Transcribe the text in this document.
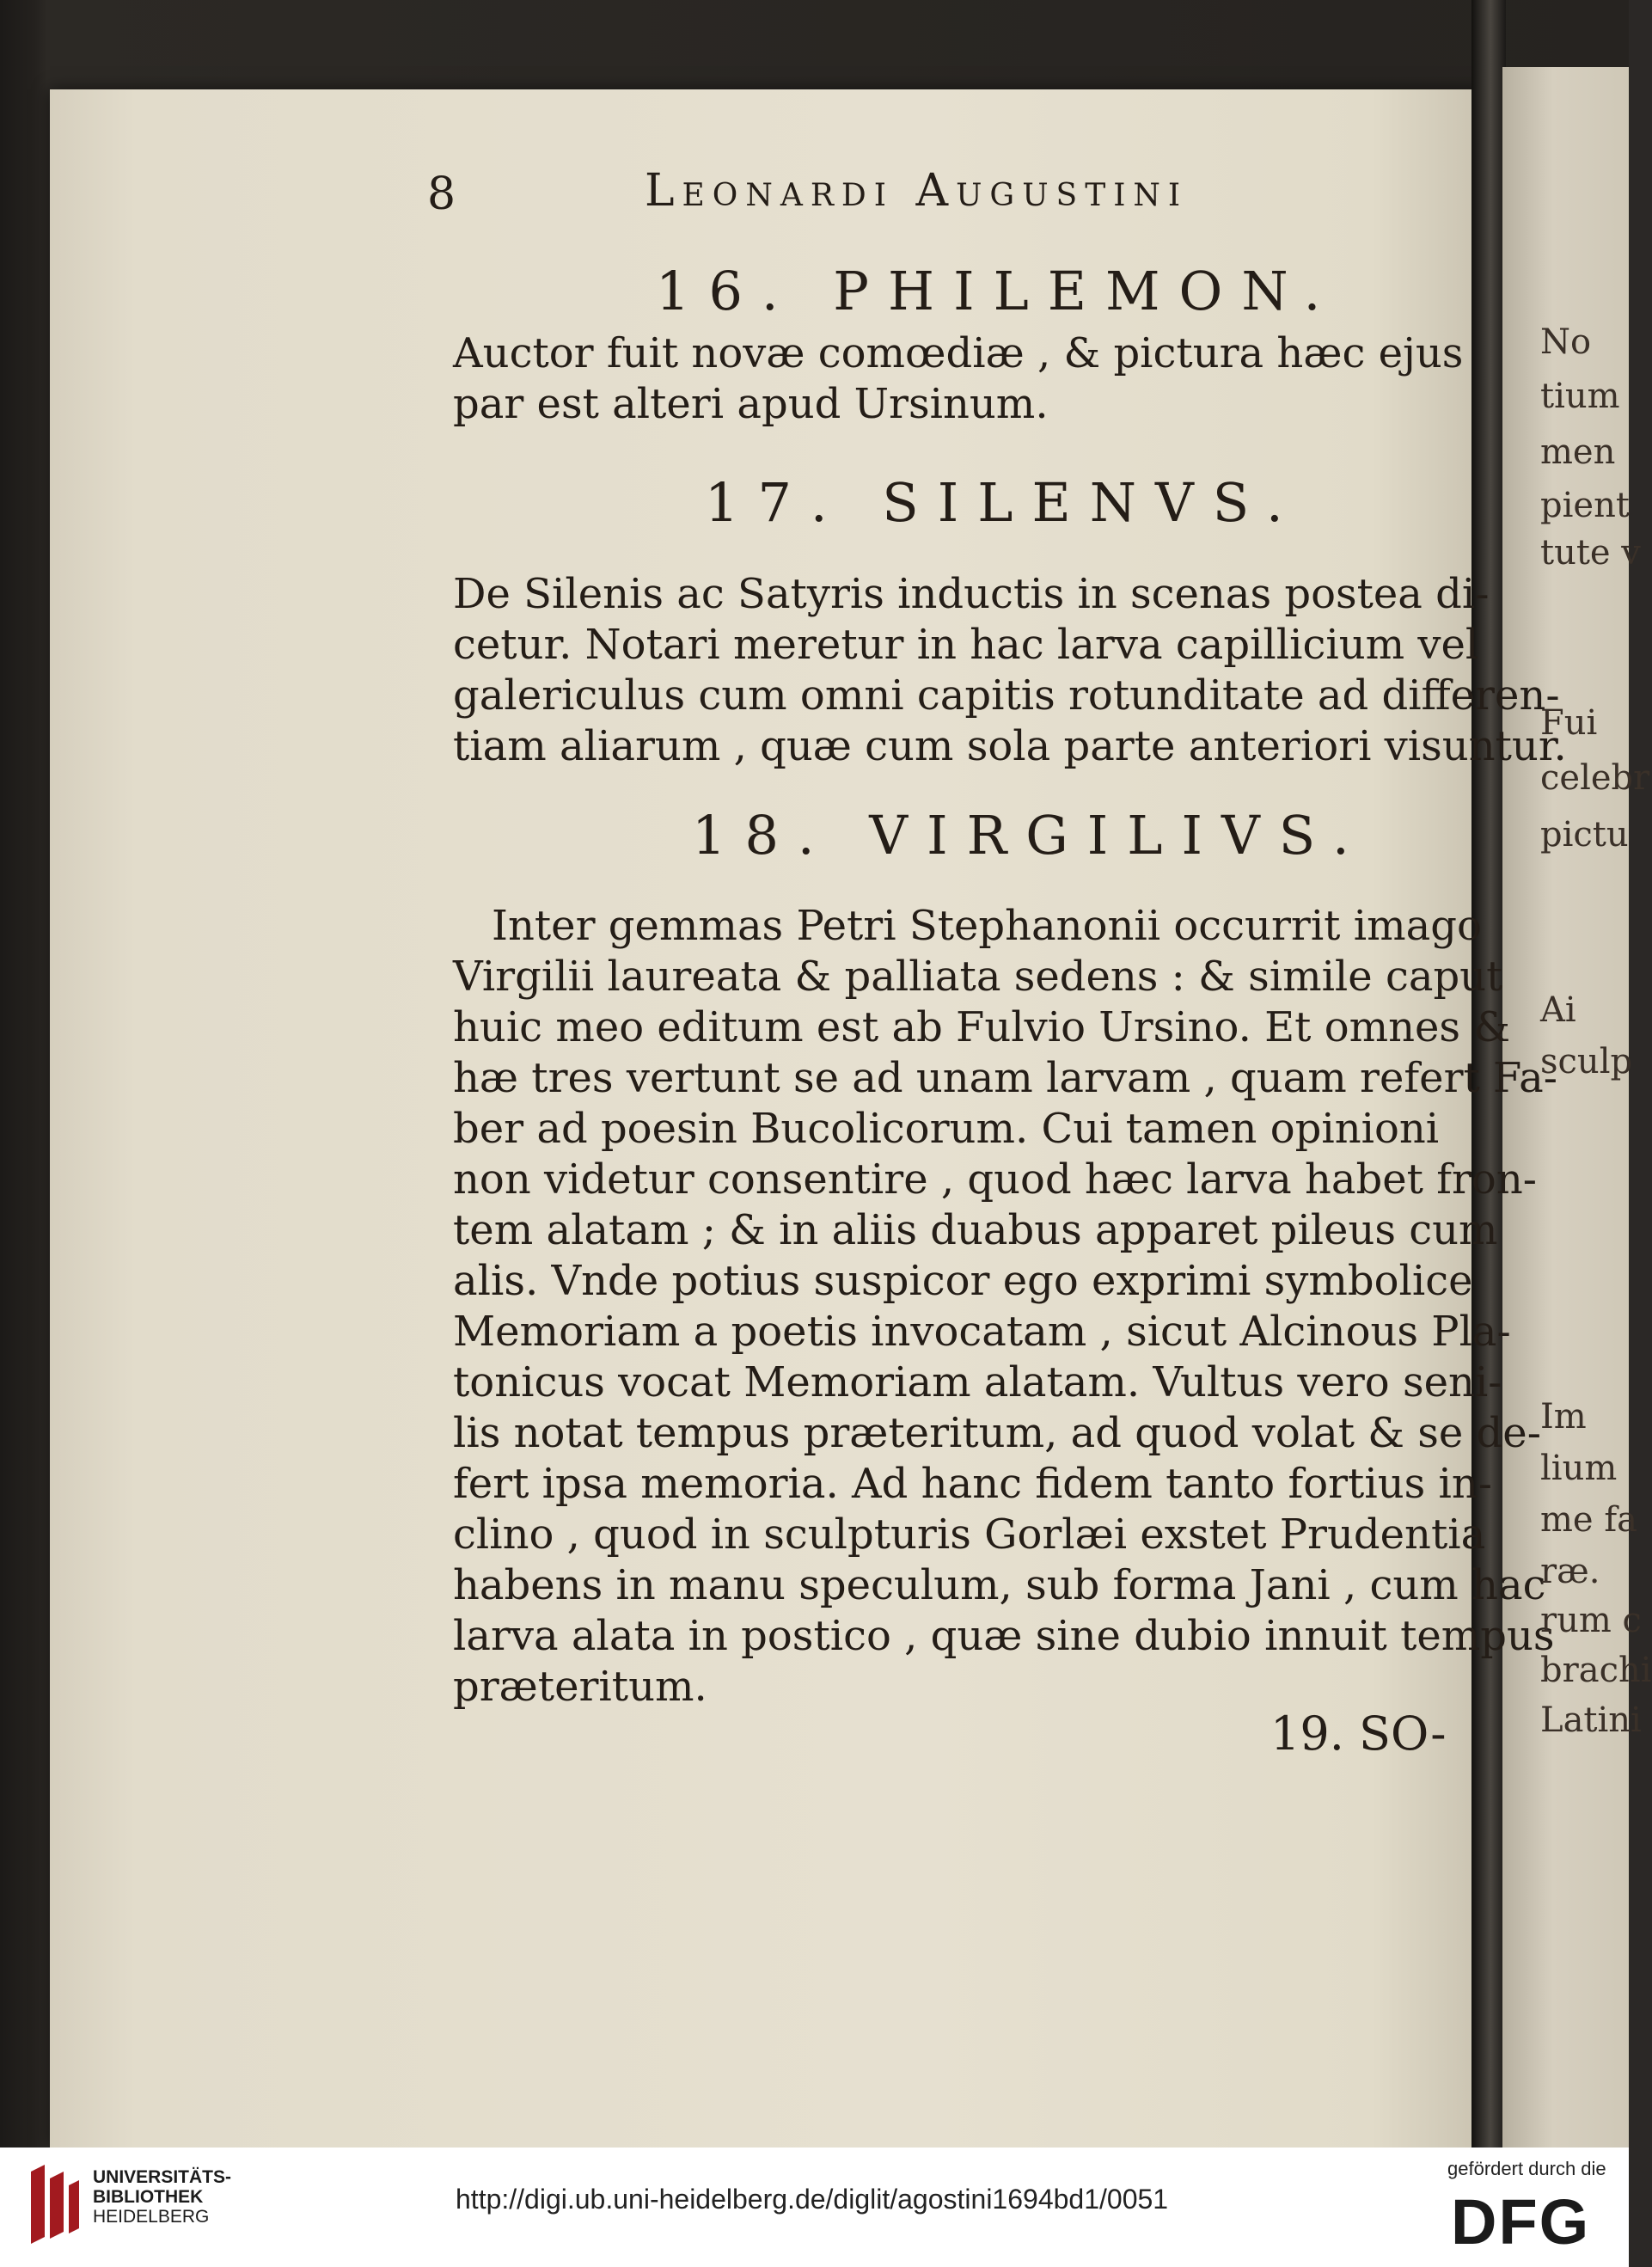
8	Leonardi Augustini
16. PHILEMON.
Auctor fuit novæ comœdiæ , & pictura hæc ejus
par est alteri apud Ursinum.
17. SILENVS.
De Silenis ac Satyris inductis in scenas postea di-
cetur. Notari meretur in hac larva capillicium vel
galericulus cum omni capitis rotunditate ad differen-
tiam aliarum , quæ cum sola parte anteriori visuntur.
18. VIRGILIVS.
Inter gemmas Petri Stephanonii occurrit imago
Virgilii laureata & palliata sedens : & simile caput
huic meo editum est ab Fulvio Ursino. Et omnes &
hæ tres vertunt se ad unam larvam , quam refert Fa-
ber ad poesin Bucolicorum. Cui tamen opinioni
non videtur consentire , quod hæc larva habet fron-
tem alatam ; & in aliis duabus apparet pileus cum
alis. Vnde potius suspicor ego exprimi symbolice
Memoriam a poetis invocatam , sicut Alcinous Pla-
tonicus vocat Memoriam alatam. Vultus vero seni-
lis notat tempus præteritum, ad quod volat & se de-
fert ipsa memoria. Ad hanc fidem tanto fortius in-
clino , quod in sculpturis Gorlæi exstet Prudentia
habens in manu speculum, sub forma Jani , cum hac
larva alata in postico , quæ sine dubio innuit tempus
præteritum.
19. SO-
No
tium
men
pient
tute v
Fui
celebr
pictu
Ai
sculp
Im
lium
me fa
ræ.
rum c
brachi
Latini
UNIVERSITÄTS-
BIBLIOTHEK
HEIDELBERG
http://digi.ub.uni-heidelberg.de/diglit/agostini1694bd1/0051
gefördert durch die
DFG
